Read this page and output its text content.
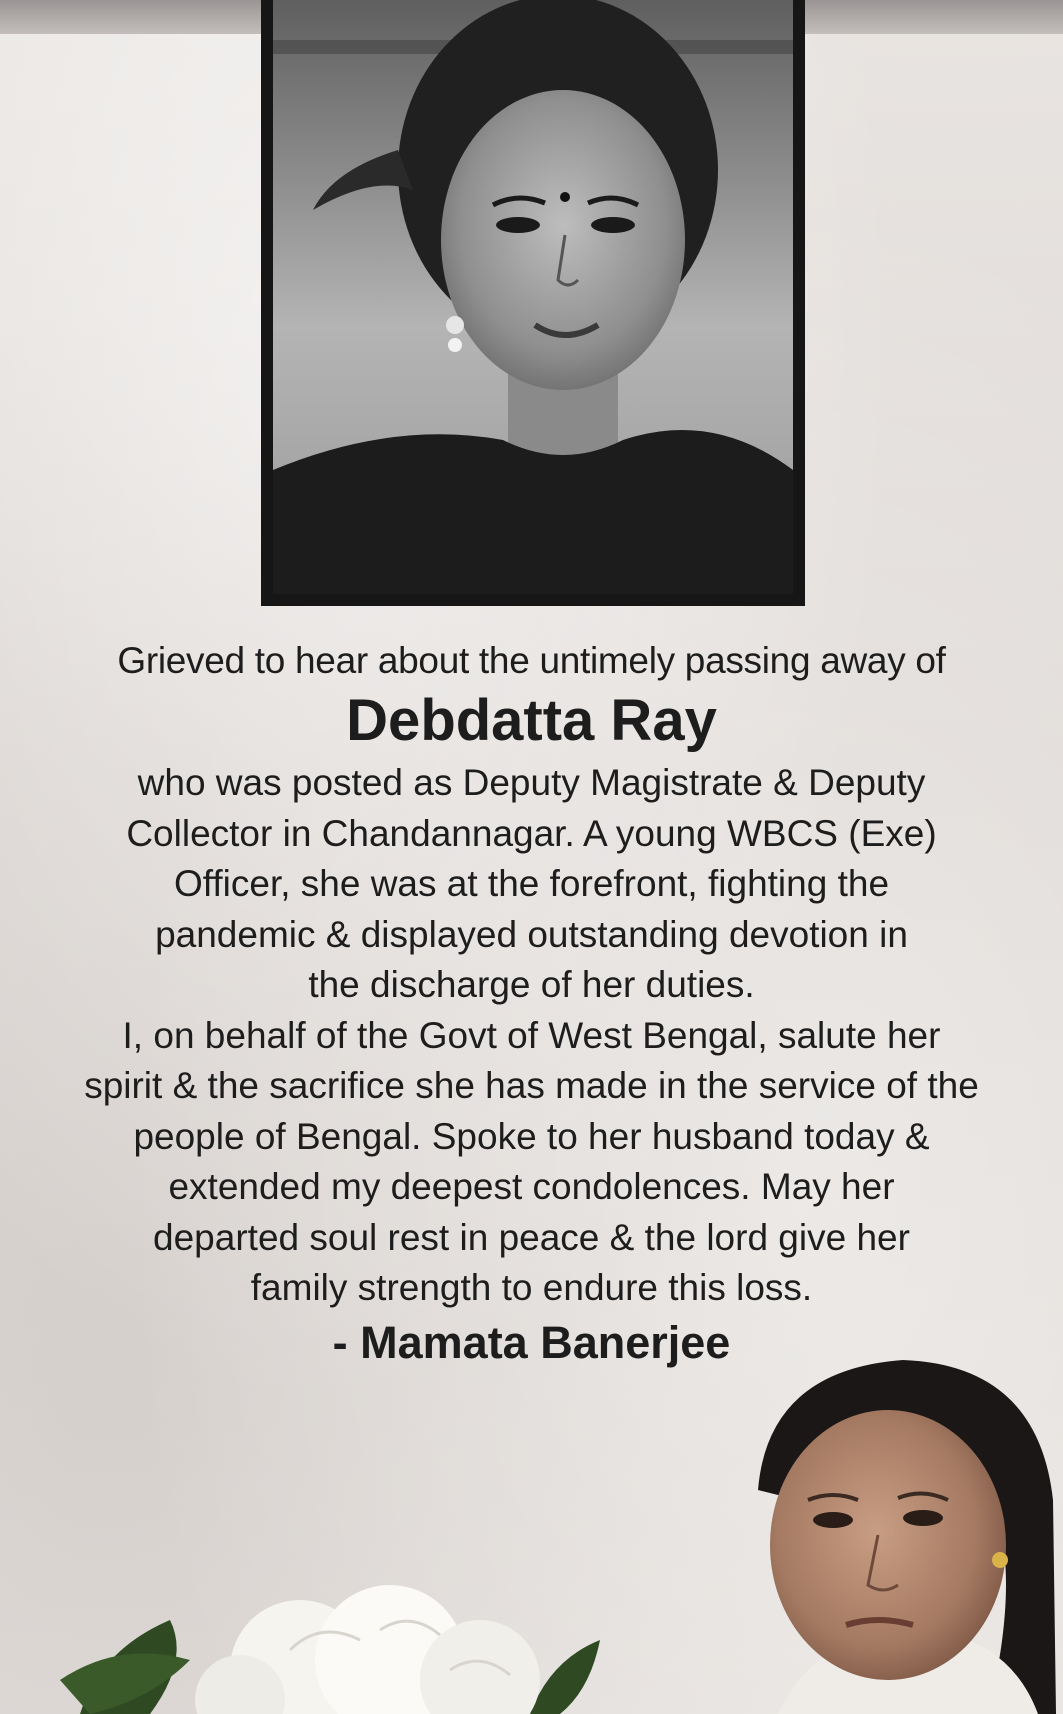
Grieved to hear about the untimely passing away of

Debdatta Ray

who was posted as Deputy Magistrate & Deputy

Collector in Chandannagar. A young WBCS (Exe)

Officer, she was at the forefront, fighting the

pandemic & displayed outstanding devotion in

the discharge of her duties.

I, on behalf of the Govt of West Bengal, salute her

spirit & the sacrifice she has made in the service of the

people of Bengal. Spoke to her husband today &

extended my deepest condolences. May her

departed soul rest in peace & the lord give her

family strength to endure this loss.

- Mamata Banerjee
